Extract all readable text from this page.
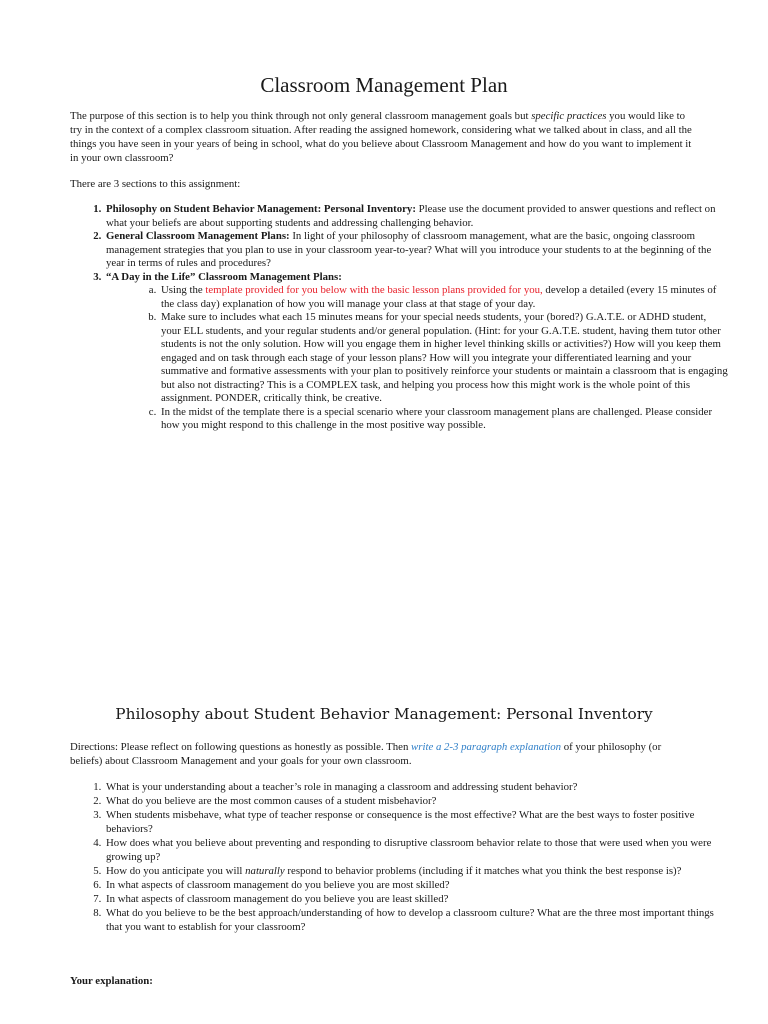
Classroom Management Plan
The purpose of this section is to help you think through not only general classroom management goals but specific practices you would like to try in the context of a complex classroom situation. After reading the assigned homework, considering what we talked about in class, and all the things you have seen in your years of being in school, what do you believe about Classroom Management and how do you want to implement it in your own classroom?
There are 3 sections to this assignment:
1. Philosophy on Student Behavior Management: Personal Inventory: Please use the document provided to answer questions and reflect on what your beliefs are about supporting students and addressing challenging behavior.
2. General Classroom Management Plans: In light of your philosophy of classroom management, what are the basic, ongoing classroom management strategies that you plan to use in your classroom year-to-year? What will you introduce your students to at the beginning of the year in terms of rules and procedures?
3. “A Day in the Life” Classroom Management Plans:
a. Using the template provided for you below with the basic lesson plans provided for you, develop a detailed (every 15 minutes of the class day) explanation of how you will manage your class at that stage of your day.
b. Make sure to includes what each 15 minutes means for your special needs students, your (bored?) G.A.T.E. or ADHD student, your ELL students, and your regular students and/or general population. (Hint: for your G.A.T.E. student, having them tutor other students is not the only solution. How will you engage them in higher level thinking skills or activities?) How will you keep them engaged and on task through each stage of your lesson plans? How will you integrate your differentiated learning and your summative and formative assessments with your plan to positively reinforce your students or maintain a classroom that is engaging but also not distracting? This is a COMPLEX task, and helping you process how this might work is the whole point of this assignment. PONDER, critically think, be creative.
c. In the midst of the template there is a special scenario where your classroom management plans are challenged. Please consider how you might respond to this challenge in the most positive way possible.
Philosophy about Student Behavior Management: Personal Inventory
Directions: Please reflect on following questions as honestly as possible. Then write a 2-3 paragraph explanation of your philosophy (or beliefs) about Classroom Management and your goals for your own classroom.
1. What is your understanding about a teacher’s role in managing a classroom and addressing student behavior?
2. What do you believe are the most common causes of a student misbehavior?
3. When students misbehave, what type of teacher response or consequence is the most effective? What are the best ways to foster positive behaviors?
4. How does what you believe about preventing and responding to disruptive classroom behavior relate to those that were used when you were growing up?
5. How do you anticipate you will naturally respond to behavior problems (including if it matches what you think the best response is)?
6. In what aspects of classroom management do you believe you are most skilled?
7. In what aspects of classroom management do you believe you are least skilled?
8. What do you believe to be the best approach/understanding of how to develop a classroom culture? What are the three most important things that you want to establish for your classroom?
Your explanation:
